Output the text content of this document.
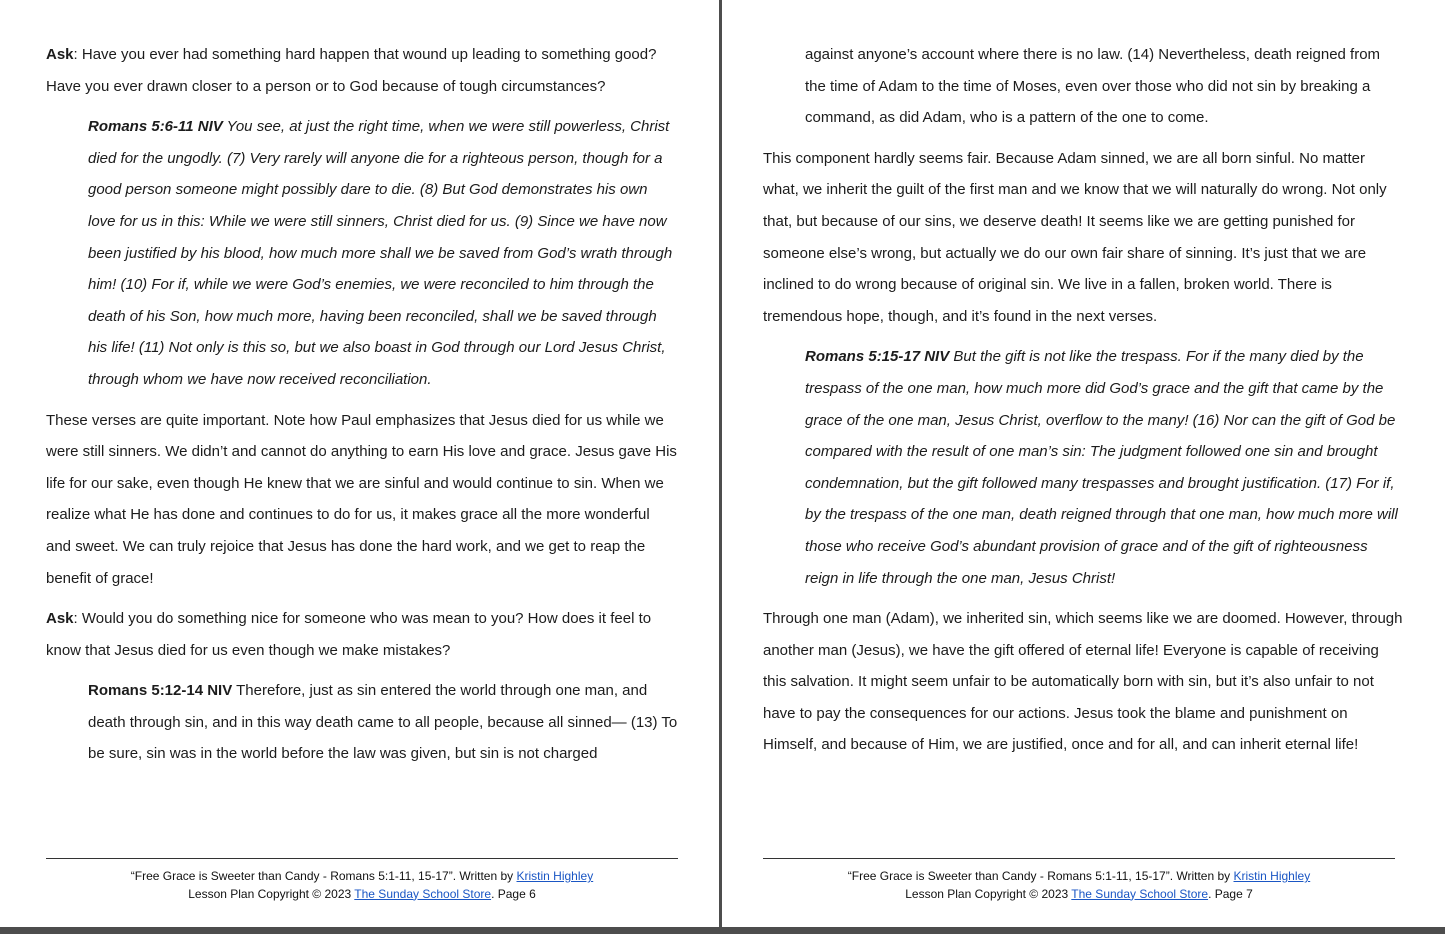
Ask: Have you ever had something hard happen that wound up leading to something good? Have you ever drawn closer to a person or to God because of tough circumstances?

Romans 5:6-11 NIV You see, at just the right time, when we were still powerless, Christ died for the ungodly. (7) Very rarely will anyone die for a righteous person, though for a good person someone might possibly dare to die. (8) But God demonstrates his own love for us in this: While we were still sinners, Christ died for us. (9) Since we have now been justified by his blood, how much more shall we be saved from God’s wrath through him! (10) For if, while we were God’s enemies, we were reconciled to him through the death of his Son, how much more, having been reconciled, shall we be saved through his life! (11) Not only is this so, but we also boast in God through our Lord Jesus Christ, through whom we have now received reconciliation.

These verses are quite important. Note how Paul emphasizes that Jesus died for us while we were still sinners. We didn’t and cannot do anything to earn His love and grace. Jesus gave His life for our sake, even though He knew that we are sinful and would continue to sin. When we realize what He has done and continues to do for us, it makes grace all the more wonderful and sweet. We can truly rejoice that Jesus has done the hard work, and we get to reap the benefit of grace!

Ask: Would you do something nice for someone who was mean to you? How does it feel to know that Jesus died for us even though we make mistakes?

Romans 5:12-14 NIV Therefore, just as sin entered the world through one man, and death through sin, and in this way death came to all people, because all sinned— (13) To be sure, sin was in the world before the law was given, but sin is not charged

“Free Grace is Sweeter than Candy - Romans 5:1-11, 15-17”. Written by Kristin Highley
Lesson Plan Copyright © 2023 The Sunday School Store. Page 6

against anyone’s account where there is no law. (14) Nevertheless, death reigned from the time of Adam to the time of Moses, even over those who did not sin by breaking a command, as did Adam, who is a pattern of the one to come.

This component hardly seems fair. Because Adam sinned, we are all born sinful. No matter what, we inherit the guilt of the first man and we know that we will naturally do wrong. Not only that, but because of our sins, we deserve death! It seems like we are getting punished for someone else’s wrong, but actually we do our own fair share of sinning. It’s just that we are inclined to do wrong because of original sin. We live in a fallen, broken world. There is tremendous hope, though, and it’s found in the next verses.

Romans 5:15-17 NIV But the gift is not like the trespass. For if the many died by the trespass of the one man, how much more did God’s grace and the gift that came by the grace of the one man, Jesus Christ, overflow to the many! (16) Nor can the gift of God be compared with the result of one man’s sin: The judgment followed one sin and brought condemnation, but the gift followed many trespasses and brought justification. (17) For if, by the trespass of the one man, death reigned through that one man, how much more will those who receive God’s abundant provision of grace and of the gift of righteousness reign in life through the one man, Jesus Christ!

Through one man (Adam), we inherited sin, which seems like we are doomed. However, through another man (Jesus), we have the gift offered of eternal life! Everyone is capable of receiving this salvation. It might seem unfair to be automatically born with sin, but it’s also unfair to not have to pay the consequences for our actions. Jesus took the blame and punishment on Himself, and because of Him, we are justified, once and for all, and can inherit eternal life!

“Free Grace is Sweeter than Candy - Romans 5:1-11, 15-17”. Written by Kristin Highley
Lesson Plan Copyright © 2023 The Sunday School Store. Page 7
